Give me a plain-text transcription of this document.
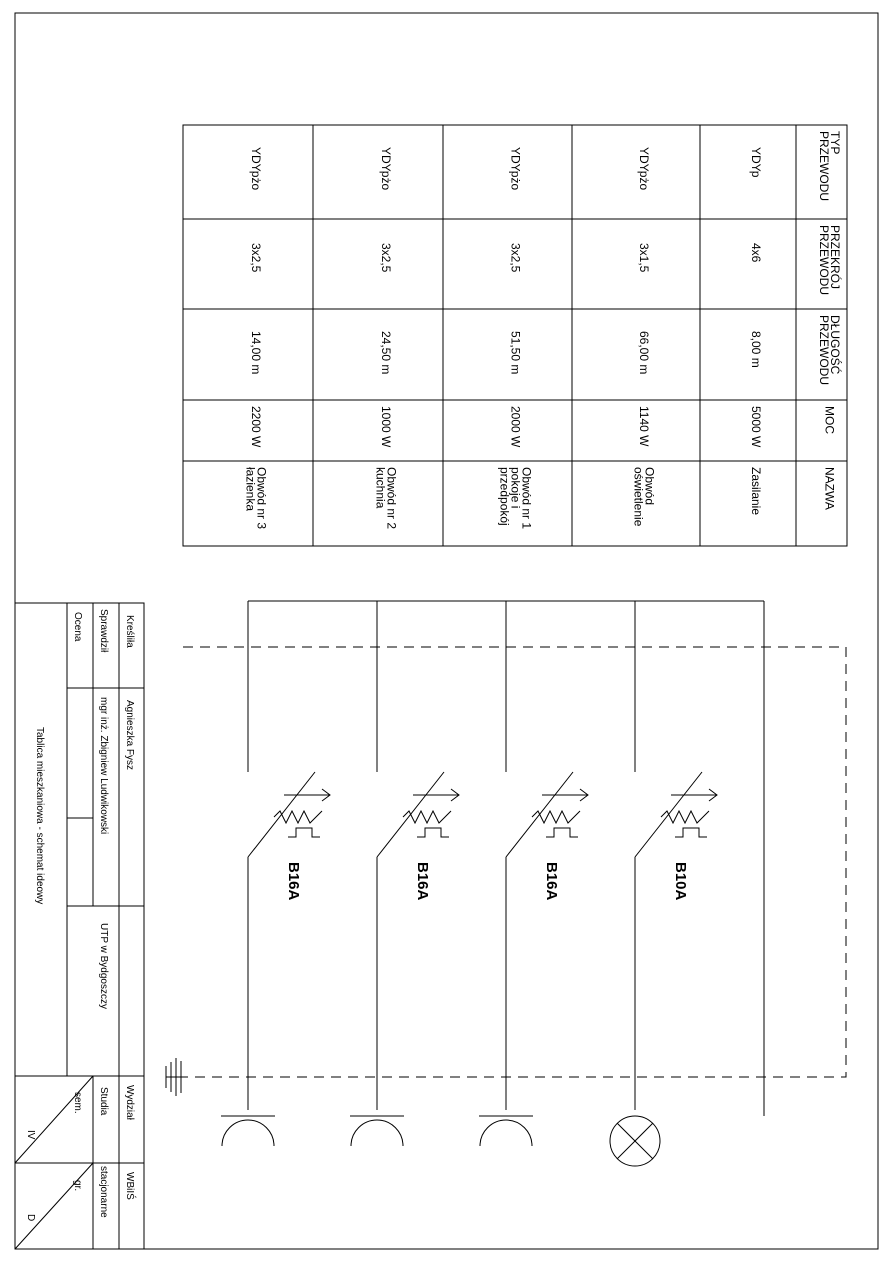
TYP
PRZEWODU
PRZEKRÓJ
PRZEWODU
DŁUGOŚĆ
PRZEWODU
MOC
NAZWA
YDYp
4x6
8,00 m
5000 W
Zasilanie
YDYpżo
3x1,5
66,00 m
1140 W
Obwód
oświetlenie
YDYpżo
3x2,5
51,50 m
2000 W
Obwód nr 1
pokoje i
przedpokój
YDYpżo
3x2,5
24,50 m
1000 W
Obwód nr 2
kuchnia
YDYpżo
3x2,5
14,00 m
2200 W
Obwód nr 3
łazienka
B10A
B16A
B16A
B16A
Kreśliła
Agnieszka Fysz
Sprawdził
mgr inż. Zbigniew Ludwikowski
Ocena
UTP w Bydgoszczy
Wydział
WBiIŚ
Studia
stacjonarne
sem.
IV
gr.
D
Tablica mieszkaniowa - schemat ideowy
